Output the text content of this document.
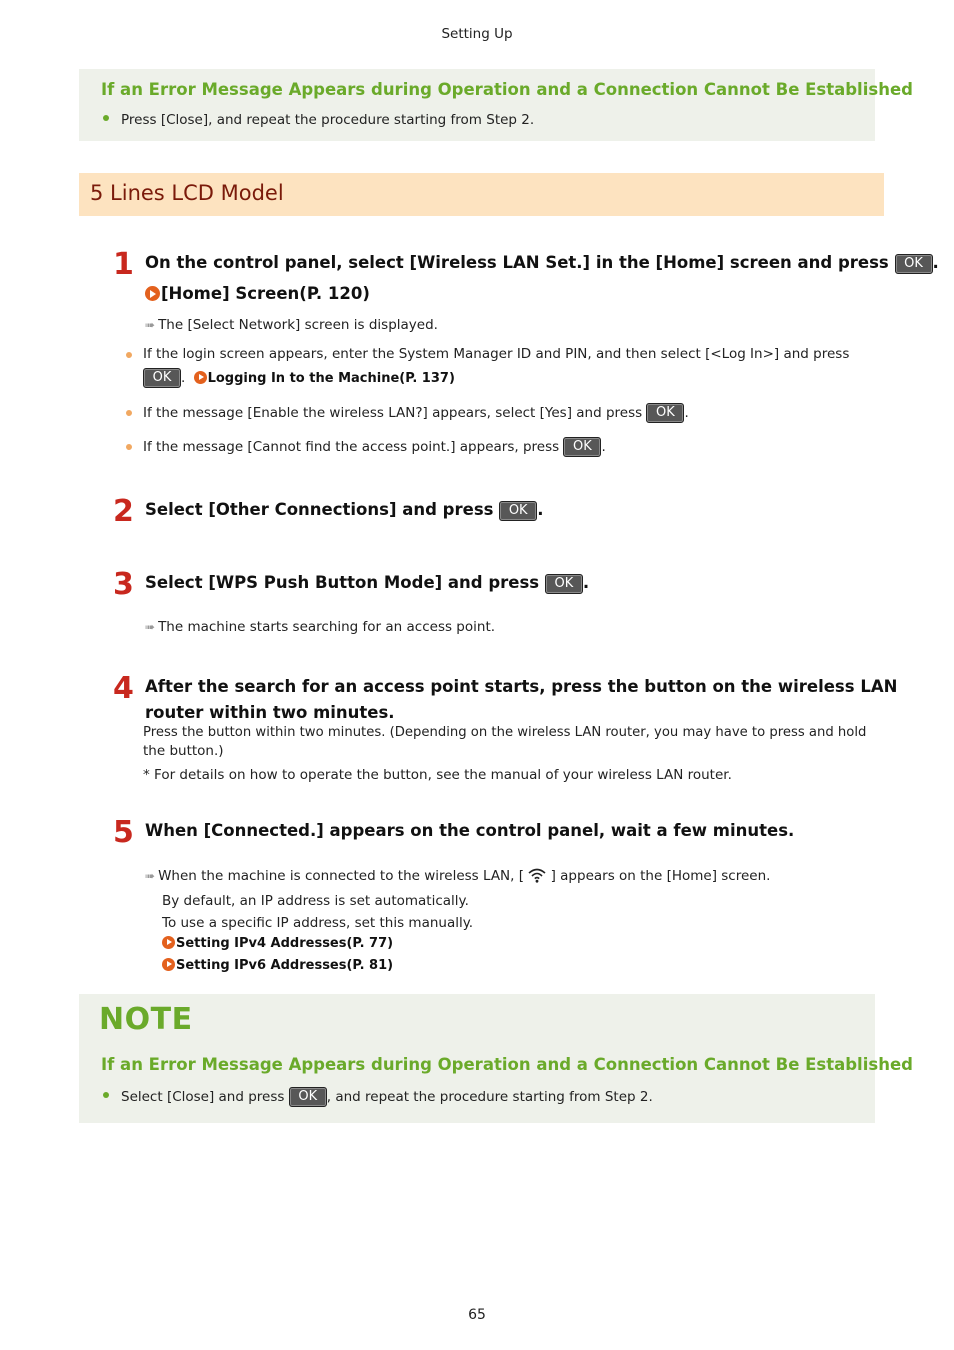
Setting Up
If an Error Message Appears during Operation and a Connection Cannot Be Established
Press [Close], and repeat the procedure starting from Step 2.
5 Lines LCD Model
1 On the control panel, select [Wireless LAN Set.] in the [Home] screen and press OK .
[Home] Screen(P. 120)
➠ The [Select Network] screen is displayed.
If the login screen appears, enter the System Manager ID and PIN, and then select [<Log In>] and press
OK . Logging In to the Machine(P. 137)
If the message [Enable the wireless LAN?] appears, select [Yes] and press OK .
If the message [Cannot find the access point.] appears, press OK .
2 Select [Other Connections] and press OK .
3 Select [WPS Push Button Mode] and press OK .
➠ The machine starts searching for an access point.
4 After the search for an access point starts, press the button on the wireless LAN
router within two minutes.
Press the button within two minutes. (Depending on the wireless LAN router, you may have to press and hold
the button.)
* For details on how to operate the button, see the manual of your wireless LAN router.
5 When [Connected.] appears on the control panel, wait a few minutes.
➠ When the machine is connected to the wireless LAN, [ ] appears on the [Home] screen.
By default, an IP address is set automatically.
To use a specific IP address, set this manually.
Setting IPv4 Addresses(P. 77)
Setting IPv6 Addresses(P. 81)
NOTE
If an Error Message Appears during Operation and a Connection Cannot Be Established
Select [Close] and press OK , and repeat the procedure starting from Step 2.
65
